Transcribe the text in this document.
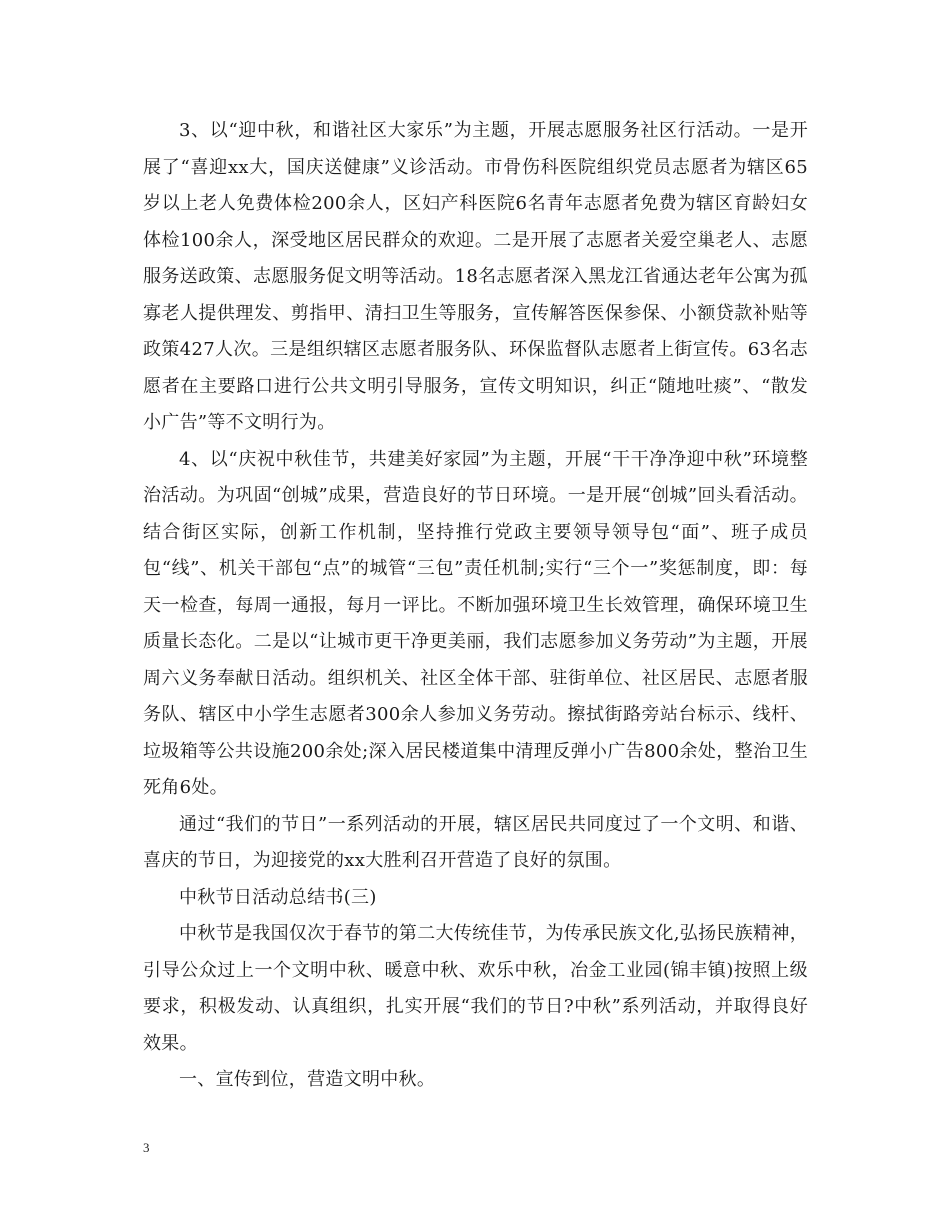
3、以“迎中秋，和谐社区大家乐”为主题，开展志愿服务社区行活动。一是开展了“喜迎xx大，国庆送健康”义诊活动。市骨伤科医院组织党员志愿者为辖区65岁以上老人免费体检200余人，区妇产科医院6名青年志愿者免费为辖区育龄妇女体检100余人，深受地区居民群众的欢迎。二是开展了志愿者关爱空巢老人、志愿服务送政策、志愿服务促文明等活动。18名志愿者深入黑龙江省通达老年公寓为孤寡老人提供理发、剪指甲、清扫卫生等服务，宣传解答医保参保、小额贷款补贴等政策427人次。三是组织辖区志愿者服务队、环保监督队志愿者上街宣传。63名志愿者在主要路口进行公共文明引导服务，宣传文明知识，纠正“随地吐痰”、“散发小广告”等不文明行为。

4、以“庆祝中秋佳节，共建美好家园”为主题，开展“干干净净迎中秋”环境整治活动。为巩固“创城”成果，营造良好的节日环境。一是开展“创城”回头看活动。结合街区实际，创新工作机制，坚持推行党政主要领导领导包“面”、班子成员包“线”、机关干部包“点”的城管“三包”责任机制;实行“三个一”奖惩制度，即：每天一检查，每周一通报，每月一评比。不断加强环境卫生长效管理，确保环境卫生质量长态化。二是以“让城市更干净更美丽，我们志愿参加义务劳动”为主题，开展周六义务奉献日活动。组织机关、社区全体干部、驻街单位、社区居民、志愿者服务队、辖区中小学生志愿者300余人参加义务劳动。擦拭街路旁站台标示、线杆、垃圾箱等公共设施200余处;深入居民楼道集中清理反弹小广告800余处，整治卫生死角6处。

通过“我们的节日”一系列活动的开展，辖区居民共同度过了一个文明、和谐、喜庆的节日，为迎接党的xx大胜利召开营造了良好的氛围。

中秋节日活动总结书(三)

中秋节是我国仅次于春节的第二大传统佳节，为传承民族文化,弘扬民族精神，引导公众过上一个文明中秋、暖意中秋、欢乐中秋，冶金工业园(锦丰镇)按照上级要求，积极发动、认真组织，扎实开展“我们的节日?中秋”系列活动，并取得良好效果。

一、宣传到位，营造文明中秋。

3
